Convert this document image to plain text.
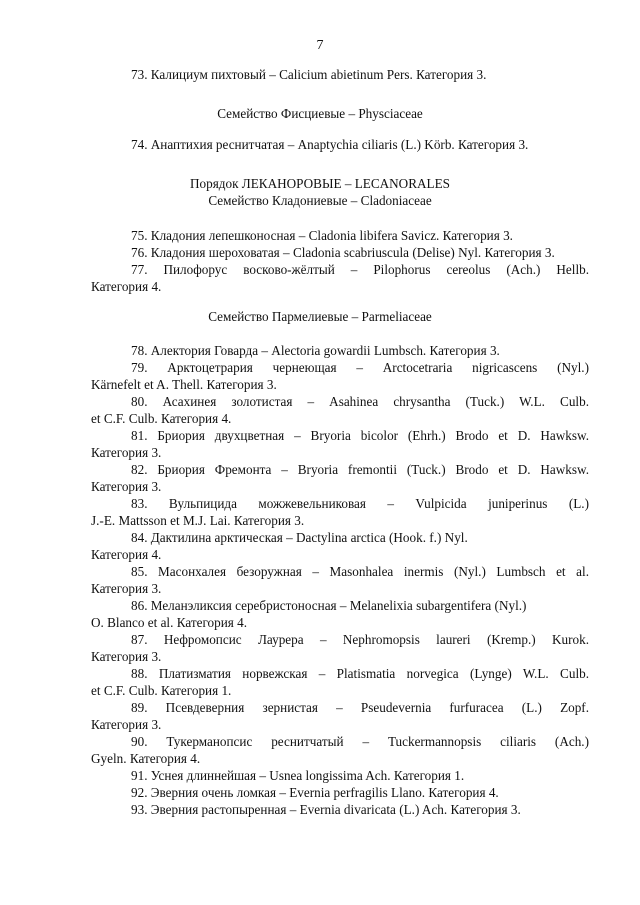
7
73. Калициум пихтовый – Calicium abietinum Pers. Категория 3.
Семейство Фисциевые – Physciaceae
74. Анаптихия реснитчатая – Anaptychia ciliaris (L.) Körb. Категория 3.
Порядок ЛЕКАНОРОВЫЕ – LECANORALES
Семейство Кладониевые – Cladoniaceae
75. Кладония лепешконосная – Cladonia libifera Savicz. Категория 3.
76. Кладония шероховатая – Cladonia scabriuscula (Delise) Nyl. Категория 3.
77. Пилофорус восково-жёлтый – Pilophorus cereolus (Ach.) Hellb.
Категория 4.
Семейство Пармелиевые – Parmeliaceae
78. Алектория Говарда – Alectoria gowardii Lumbsch. Категория 3.
79. Арктоцетрария чернеющая – Arctocetraria nigricascens (Nyl.)
Kärnefelt et A. Thell. Категория 3.
80. Асахинея золотистая – Asahinea chrysantha (Tuck.) W.L. Culb.
et C.F. Culb. Категория 4.
81. Бриория двухцветная – Bryoria bicolor (Ehrh.) Brodo et D. Hawksw.
Категория 3.
82. Бриория Фремонта – Bryoria fremontii (Tuck.) Brodo et D. Hawksw.
Категория 3.
83. Вульпицида можжевельниковая – Vulpicida juniperinus (L.)
J.-E. Mattsson et M.J. Lai. Категория 3.
84. Дактилина арктическая – Dactylina arctica (Hook. f.) Nyl.
Категория 4.
85. Масонхалея безоружная – Masonhalea inermis (Nyl.) Lumbsch et al.
Категория 3.
86. Меланэликсия серебристоносная – Melanelixia subargentifera (Nyl.)
O. Blanco et al. Категория 4.
87. Нефромопсис Лаурера – Nephromopsis laureri (Kremp.) Kurok.
Категория 3.
88. Платизматия норвежская – Platismatia norvegica (Lynge) W.L. Culb.
et C.F. Culb. Категория 1.
89. Псевдеверния зернистая – Pseudevernia furfuracea (L.) Zopf.
Категория 3.
90. Тукерманопсис реснитчатый – Tuckermannopsis ciliaris (Ach.)
Gyeln. Категория 4.
91. Уснея длиннейшая – Usnea longissima Ach. Категория 1.
92. Эверния очень ломкая – Evernia perfragilis Llano. Категория 4.
93. Эверния растопыренная – Evernia divaricata (L.) Ach. Категория 3.
